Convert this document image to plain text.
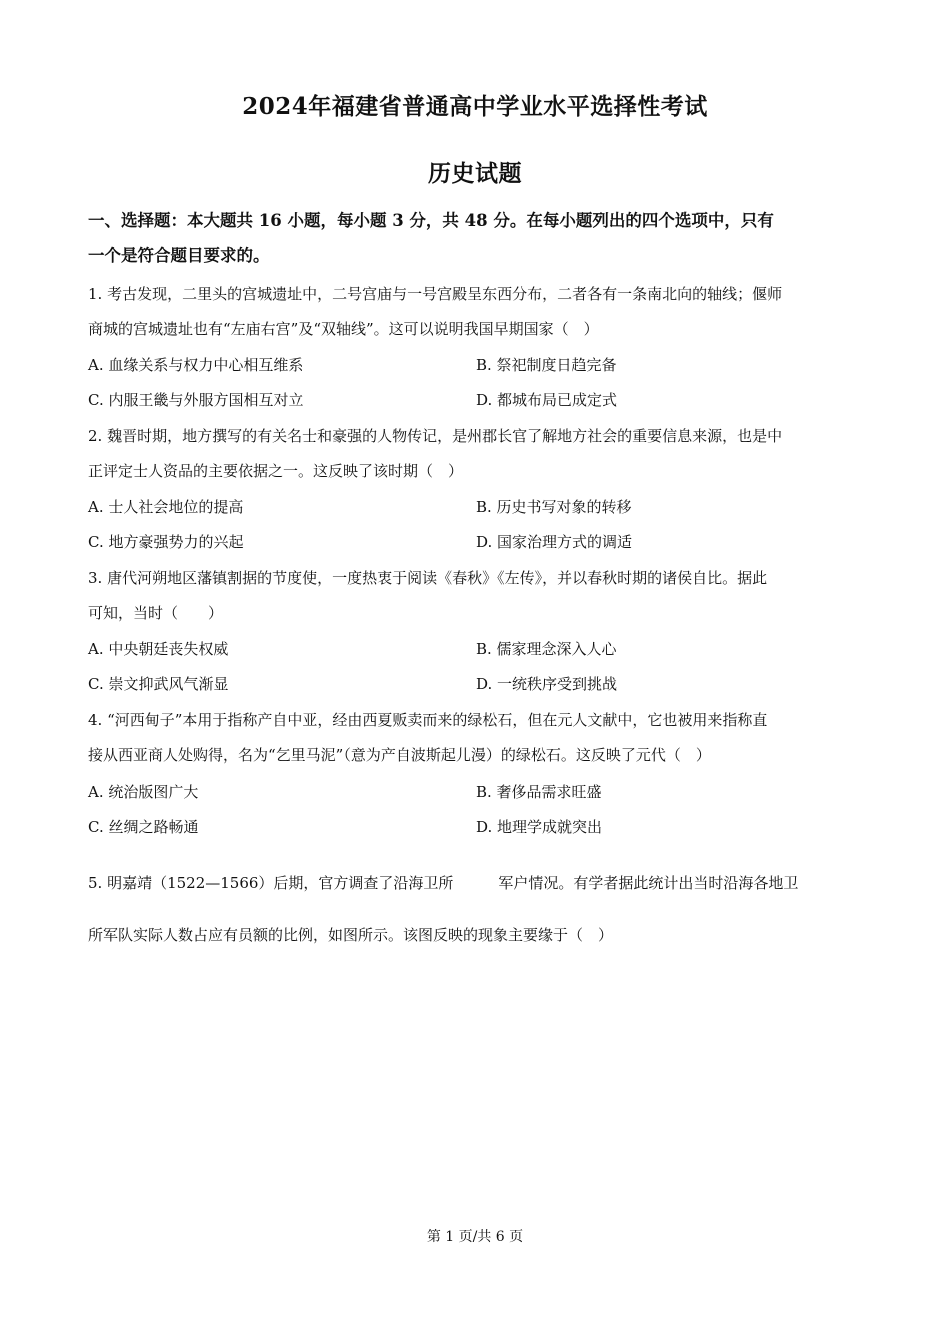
2024年福建省普通高中学业水平选择性考试
历史试题
一、选择题：本大题共 16 小题，每小题 3 分，共 48 分。在每小题列出的四个选项中，只有
一个是符合题目要求的。
1. 考古发现，二里头的宫城遗址中，二号宫庙与一号宫殿呈东西分布，二者各有一条南北向的轴线；偃师
商城的宫城遗址也有“左庙右宫”及“双轴线”。这可以说明我国早期国家（　）
A. 血缘关系与权力中心相互维系	B. 祭祀制度日趋完备
C. 内服王畿与外服方国相互对立	D. 都城布局已成定式
2. 魏晋时期，地方撰写的有关名士和豪强的人物传记，是州郡长官了解地方社会的重要信息来源，也是中
正评定士人资品的主要依据之一。这反映了该时期（　）
A. 士人社会地位的提高	B. 历史书写对象的转移
C. 地方豪强势力的兴起	D. 国家治理方式的调适
3. 唐代河朔地区藩镇割据的节度使，一度热衷于阅读《春秋》《左传》，并以春秋时期的诸侯自比。据此
可知，当时（　　）
A. 中央朝廷丧失权威	B. 儒家理念深入人心
C. 崇文抑武风气渐显	D. 一统秩序受到挑战
4. “河西甸子”本用于指称产自中亚，经由西夏贩卖而来的绿松石，但在元人文献中，它也被用来指称直
接从西亚商人处购得，名为“乞里马泥”（意为产自波斯起儿漫）的绿松石。这反映了元代（　）
A. 统治版图广大	B. 奢侈品需求旺盛
C. 丝绸之路畅通	D. 地理学成就突出
5. 明嘉靖（1522—1566）后期，官方调查了沿海卫所　　　军户情况。有学者据此统计出当时沿海各地卫
所军队实际人数占应有员额的比例，如图所示。该图反映的现象主要缘于（　）
第 1 页/共 6 页
